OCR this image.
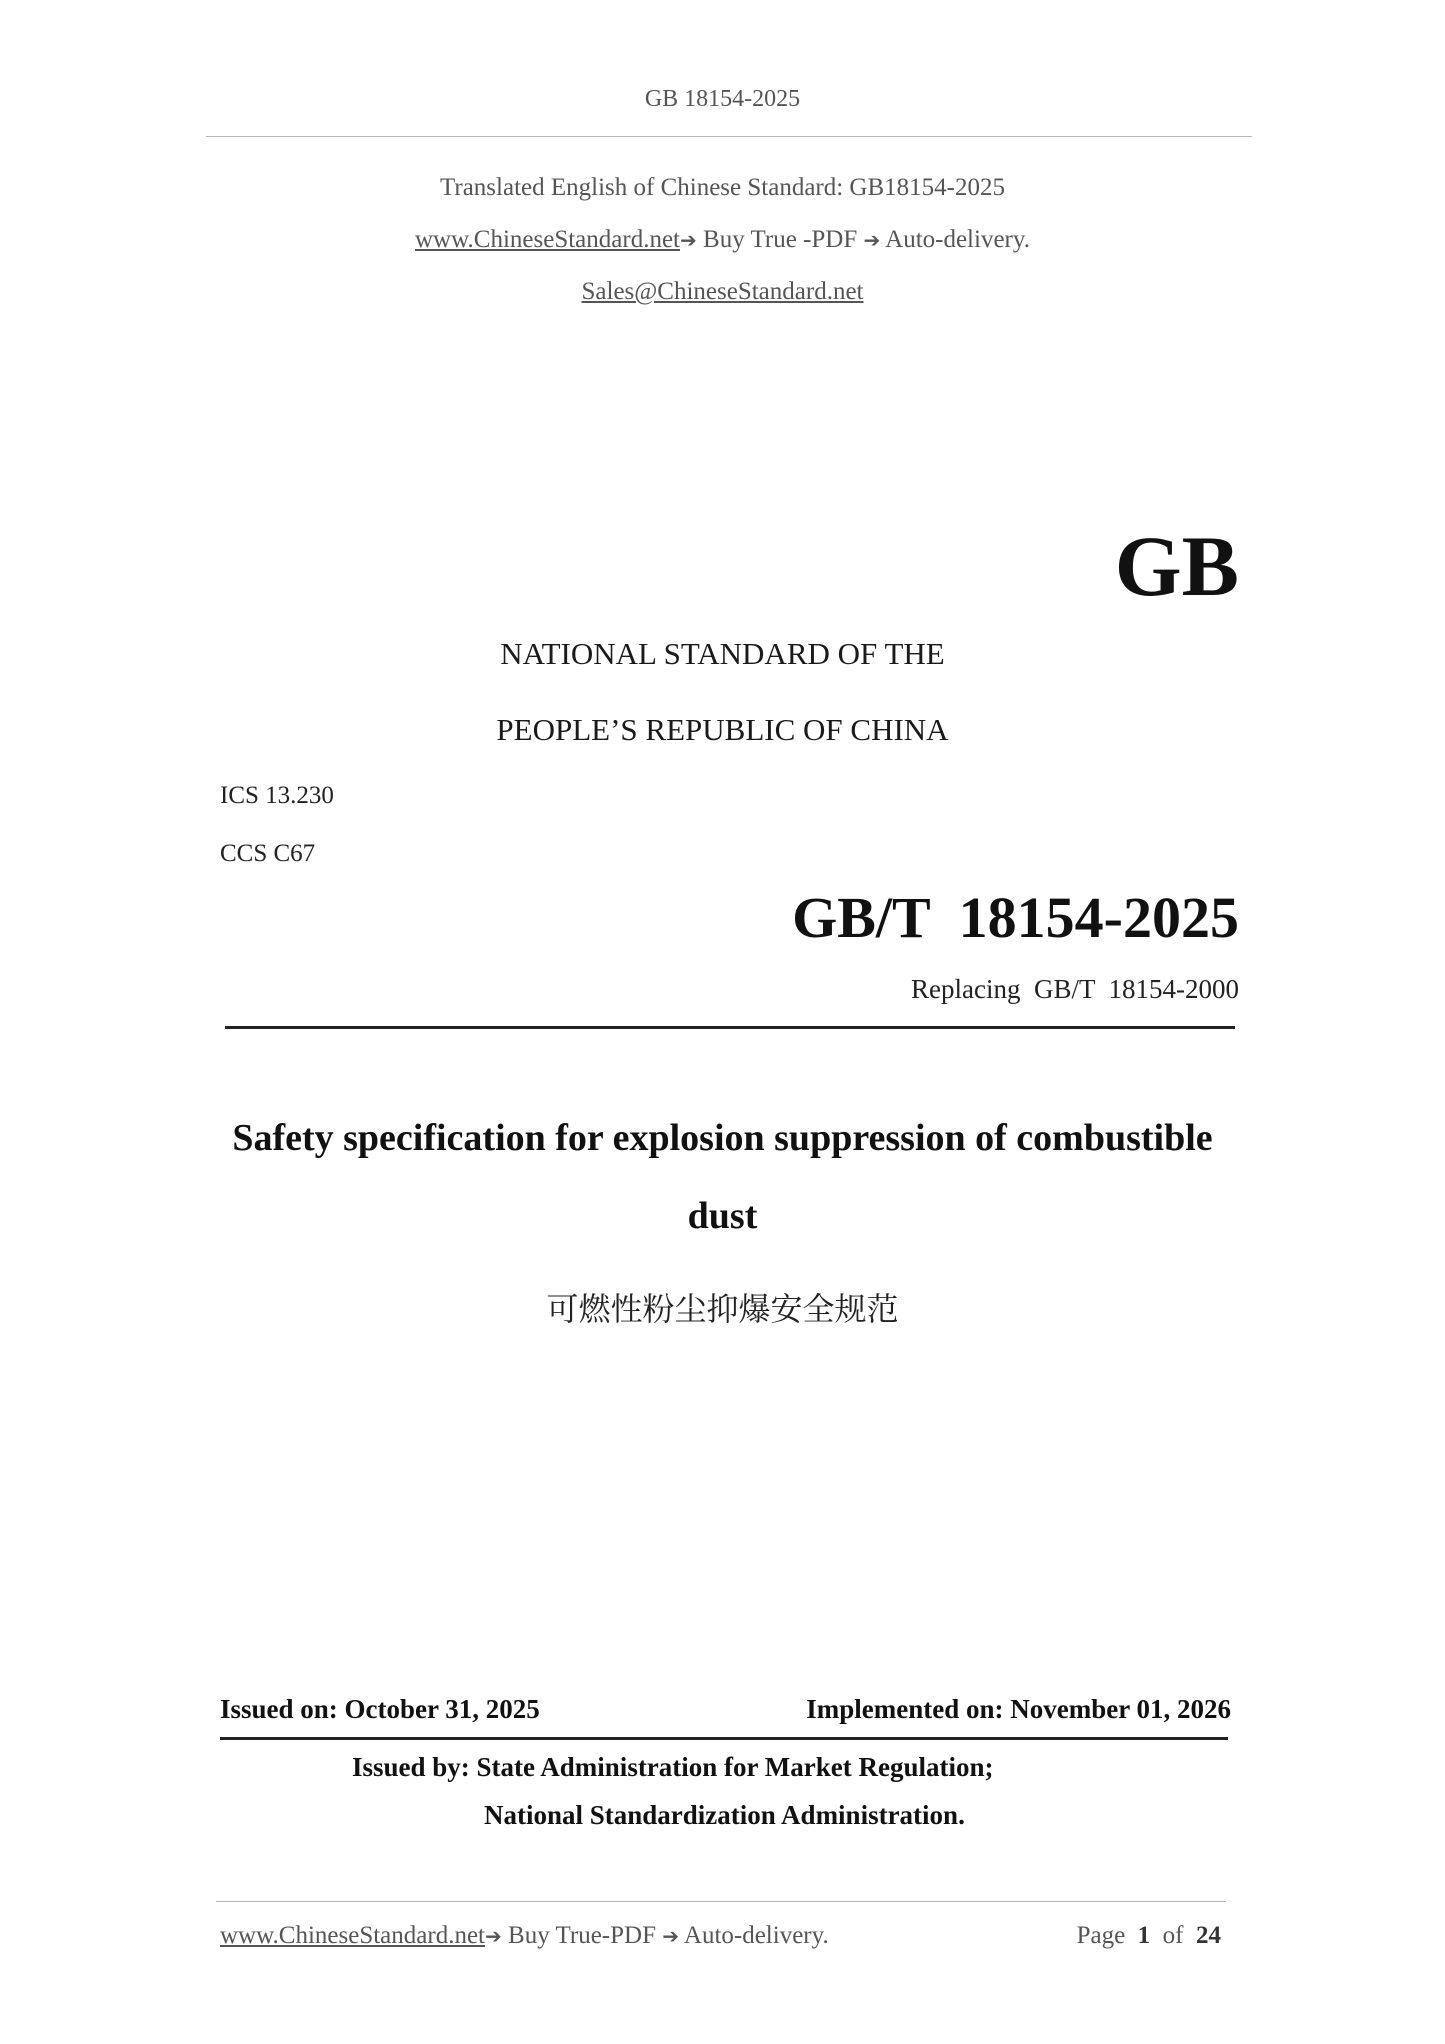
GB 18154-2025
Translated English of Chinese Standard: GB18154-2025
www.ChineseStandard.net➔ Buy True -PDF ➔ Auto-delivery.
Sales@ChineseStandard.net
GB
NATIONAL STANDARD OF THE
PEOPLE’S REPUBLIC OF CHINA
ICS 13.230
CCS C67
GB/T  18154-2025
Replacing  GB/T  18154-2000
Safety specification for explosion suppression of combustible
dust
可燃性粉尘抑爆安全规范
Issued on: October 31, 2025	Implemented on: November 01, 2026
Issued by: State Administration for Market Regulation;
National Standardization Administration.
www.ChineseStandard.net➔ Buy True-PDF ➔ Auto-delivery.	Page 1 of 24
